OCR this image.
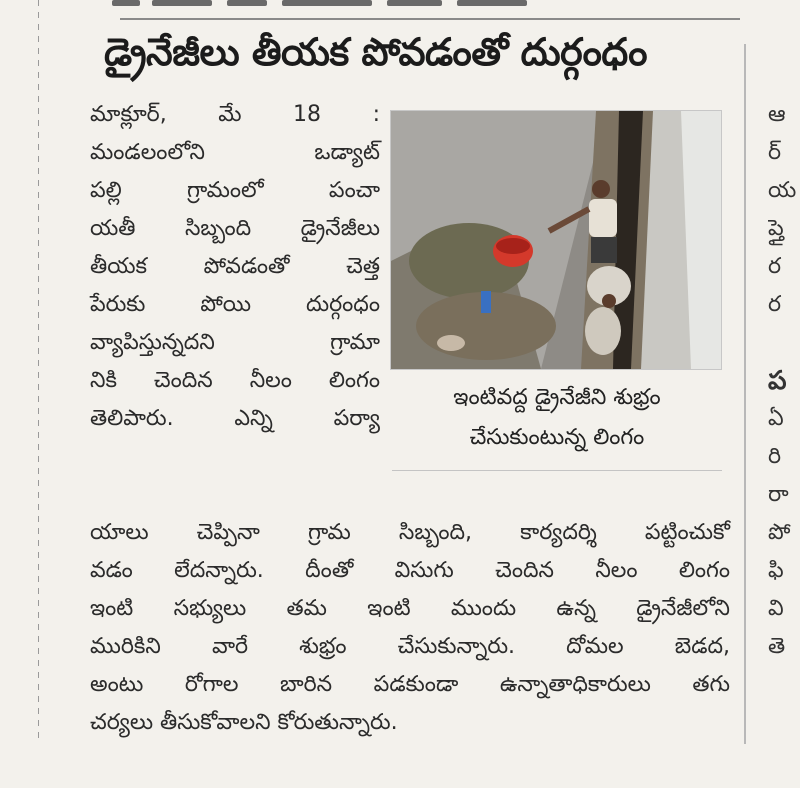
డ్రైనేజీలు తీయక పోవడంతో దుర్గంధం
మాక్లూర్, మే 18 :
మండలంలోని ఒడ్యాట్
పల్లి గ్రామంలో పంచా
యతీ సిబ్బంది డ్రైనేజీలు
తీయక పోవడంతో చెత్త
పేరుకు పోయి దుర్గంధం
వ్యాపిస్తున్నదని గ్రామా
నికి చెందిన నీలం లింగం
తెలిపారు. ఎన్ని పర్యా
ఇంటివద్ద డ్రైనేజీని శుభ్రం
చేసుకుంటున్న లింగం
యాలు చెప్పినా గ్రామ సిబ్బంది, కార్యదర్శి పట్టించుకో
వడం లేదన్నారు. దీంతో విసుగు చెందిన నీలం లింగం
ఇంటి సభ్యులు తమ ఇంటి ముందు ఉన్న డ్రైనేజీలోని
మురికిని వారే శుభ్రం చేసుకున్నారు. దోమల బెడద,
అంటు రోగాల బారిన పడకుండా ఉన్నాతాధికారులు తగు
చర్యలు తీసుకోవాలని కోరుతున్నారు.
ఆ
ర్
య
ప్తై
ర
ర
ప
ఏ
రి
రా
పో
ఫి
వి
తె
